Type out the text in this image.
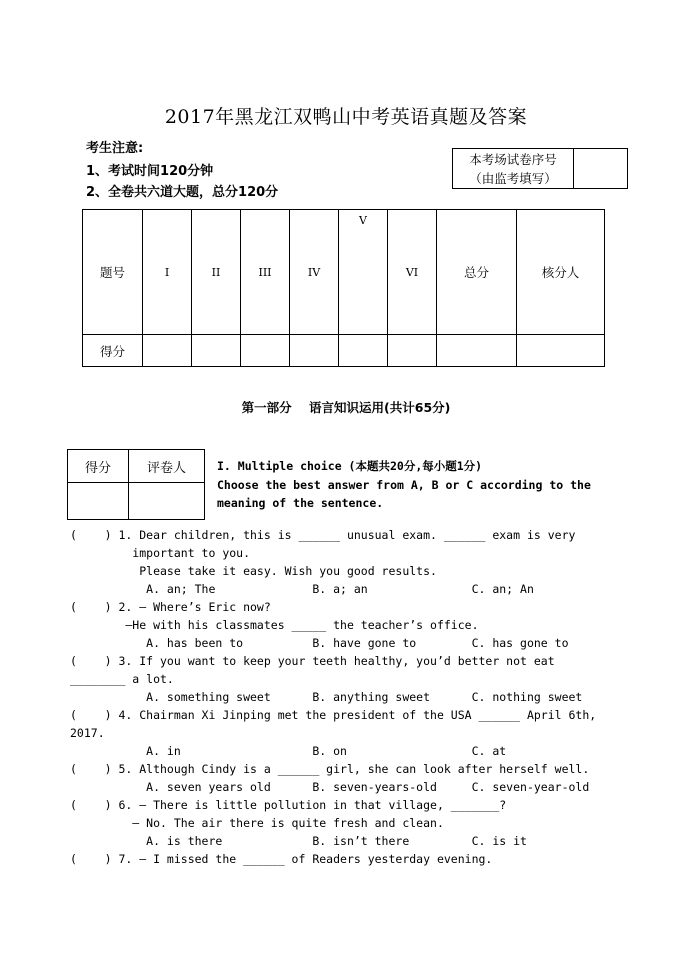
2017年黑龙江双鸭山中考英语真题及答案
考生注意:
1、考试时间120分钟
2、全卷共六道大题，总分120分
本考场试卷序号
（由监考填写）

题号	I	II	III	IV	V	VI	总分	核分人
得分								
第一部分    语言知识运用(共计65分)
得分	评卷人
		I. Multiple choice (本题共20分,每小题1分)
Choose the best answer from A, B or C according to the
meaning of the sentence.
(    ) 1. Dear children, this is ______ unusual exam. ______ exam is very
important to you.
Please take it easy. Wish you good results.
A. an; The              B. a; an               C. an; An
(    ) 2. — Where’s Eric now?
—He with his classmates _____ the teacher’s office.
A. has been to          B. have gone to        C. has gone to
(    ) 3. If you want to keep your teeth healthy, you’d better not eat
________ a lot.
A. something sweet      B. anything sweet      C. nothing sweet
(    ) 4. Chairman Xi Jinping met the president of the USA ______ April 6th,
2017.
A. in                   B. on                  C. at
(    ) 5. Although Cindy is a ______ girl, she can look after herself well.
A. seven years old      B. seven-years-old     C. seven-year-old
(    ) 6. — There is little pollution in that village, _______?
— No. The air there is quite fresh and clean.
A. is there             B. isn’t there         C. is it
(    ) 7. — I missed the ______ of Readers yesterday evening.
